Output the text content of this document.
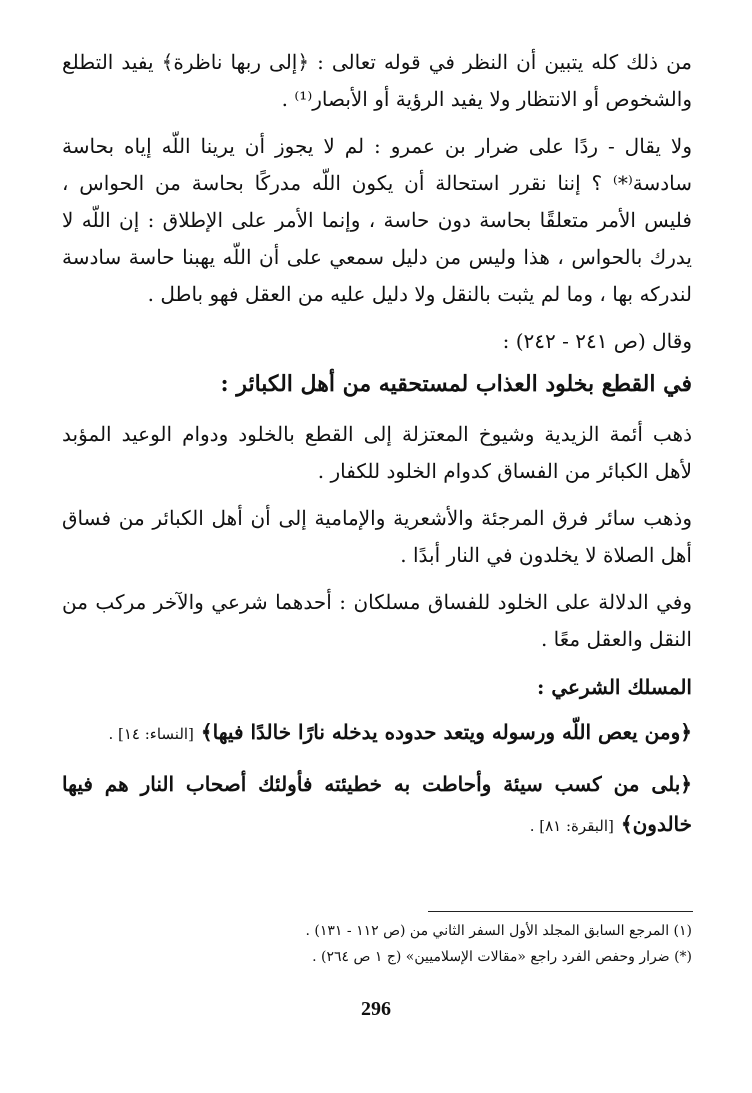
من ذلك كله يتبين أن النظر في قوله تعالى : ﴿إلى ربها ناظرة﴾ يفيد التطلع والشخوص أو الانتظار ولا يفيد الرؤية أو الأبصار⁽¹⁾ .

ولا يقال - ردًا على ضرار بن عمرو : لم لا يجوز أن يرينا اللّه إياه بحاسة سادسة⁽*⁾ ؟ إننا نقرر استحالة أن يكون اللّه مدركًا بحاسة من الحواس ، فليس الأمر متعلقًا بحاسة دون حاسة ، وإنما الأمر على الإطلاق : إن اللّه لا يدرك بالحواس ، هذا وليس من دليل سمعي على أن اللّه يهبنا حاسة سادسة لندركه بها ، وما لم يثبت بالنقل ولا دليل عليه من العقل فهو باطل .

وقال (ص ٢٤١ - ٢٤٢) :

في القطع بخلود العذاب لمستحقيه من أهل الكبائر :

ذهب أئمة الزيدية وشيوخ المعتزلة إلى القطع بالخلود ودوام الوعيد المؤبد لأهل الكبائر من الفساق كدوام الخلود للكفار .

وذهب سائر فرق المرجئة والأشعرية والإمامية إلى أن أهل الكبائر من فساق أهل الصلاة لا يخلدون في النار أبدًا .

وفي الدلالة على الخلود للفساق مسلكان : أحدهما شرعي والآخر مركب من النقل والعقل معًا .

المسلك الشرعي :

﴿ومن يعص اللّه ورسوله ويتعد حدوده يدخله نارًا خالدًا فيها﴾ [النساء: ١٤] .

﴿بلى من كسب سيئة وأحاطت به خطيئته فأولئك أصحاب النار هم فيها خالدون﴾ [البقرة: ٨١] .

(١) المرجع السابق المجلد الأول السفر الثاني من (ص ١١٢ - ١٣١) .
(*) ضرار وحفص الفرد راجع «مقالات الإسلاميين» (ج ١ ص ٢٦٤) .
296
